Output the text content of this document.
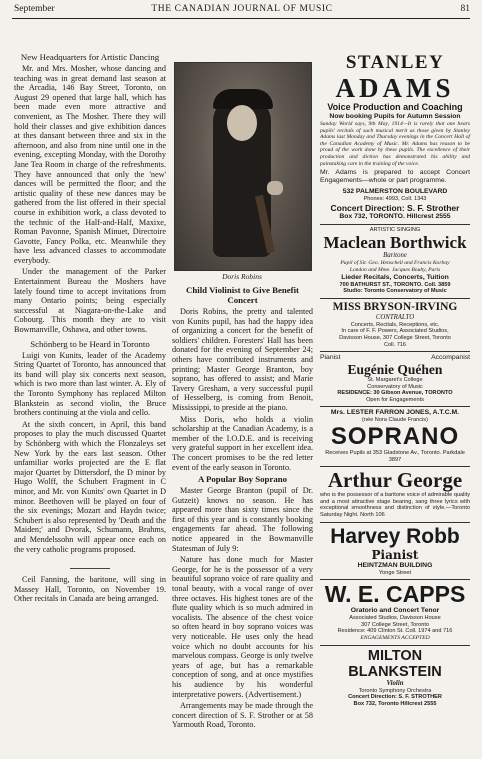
September	THE CANADIAN JOURNAL OF MUSIC	81
New Headquarters for Artistic Dancing

Mr. and Mrs. Mosher, whose dancing and teaching was in great demand last season at the Arcadia, 146 Bay Street, Toronto, on August 29 opened that large hall, which has been made even more attractive and convenient, as The Mosher. There they will hold their classes and give exhibition dances at thes dansant between three and six in the afternoon, and also from nine until one in the evening, excepting Monday, with the Dorothy Jane Tea Room in charge of the refreshments. They have announced that only the 'new' dances will be permitted the floor; and the artistic quality of these new dances may be gathered from the list offered in their special course in exhibition work, a class devoted to the technic of the Half-and-Half, Maxixe, Roman Pavonne, Spanish Minuet, Directoire Gavotte, Fancy Polka, etc. Meanwhile they have less advanced classes to accommodate everybody.

Under the management of the Parker Entertainment Bureau the Moshers have lately found time to accept invitations from many Ontario points; being especially successful at Niagara-on-the-Lake and Cobourg. This month they are to visit Bowmanville, Oshawa, and other towns.

Schönberg to be Heard in Toronto

Luigi von Kunits, leader of the Academy String Quartet of Toronto, has announced that its band will play six concerts next season, which is two more than last winter. A. Ely of the Toronto Symphony has replaced Milton Blankstein as second violin, the Bruce brothers continuing at the viola and cello.

At the sixth concert, in April, this band proposes to play the much discussed Quartet by Schönberg with which the Flonzaleys set New York by the ears last season. Other unfamiliar works projected are the E flat major Quartet by Dittersdorf, the D minor by Hugo Wolff, the Schubert Fragment in C minor, and Mr. von Kunits' own Quartet in D minor. Beethoven will be played on four of the six evenings; Mozart and Haydn twice; Schubert is also represented by 'Death and the Maiden;' and Dvorak, Schumann, Brahms, and Mendelssohn will appear once each on the very catholic programs proposed.

Ceil Fanning, the baritone, will sing in Massey Hall, Toronto, on November 19. Other recitals in Canada are being arranged.

Doris Robins
Child Violinist to Give Benefit Concert

Doris Robins, the pretty and talented von Kunits pupil, has had the happy idea of organizing a concert for the benefit of soldiers' children. Foresters' Hall has been donated for the evening of September 24; others have contributed instruments and printing; Master George Branton, boy soprano, has offered to assist; and Marie Tavery Gresham, a very successful pupil of Hesselberg, is coming from Benoit, Mississippi, to preside at the piano.

Miss Doris, who holds a violin scholarship at the Canadian Academy, is a member of the I.O.D.E. and is receiving very grateful support in her excellent idea. The concert promises to be the red letter event of the early season in Toronto.

A Popular Boy Soprano

Master George Branton (pupil of Dr. Gutzeit) knows no season. He has appeared more than sixty times since the first of this year and is constantly booking engagements far ahead. The following notice appeared in the Bowmanville Statesman of July 9:

Nature has done much for Master George, for he is the possessor of a very beautiful soprano voice of rare quality and tonal beauty, with a vocal range of over three octaves. His highest tones are of the flute quality which is so much admired in vocalists. The absence of the chest voice so often heard in boy soprano voices was very noticeable. He uses only the head voice which no doubt accounts for his marvelous compass. George is only twelve years of age, but has a remarkable conception of song, and at once mystifies his audience by his wonderful interpretative powers. (Advertisement.)

Arrangements may be made through the concert direction of S. F. Strother or at 58 Yarmouth Road, Toronto.

STANLEY
ADAMS
Voice Production and Coaching
Now booking Pupils for Autumn Session
Sunday World says, 9th May, 1914—It is rarely that one hears pupils' recitals of such musical merit as those given by Stanley Adams last Monday and Thursday evenings in the Concert Hall of the Canadian Academy of Music. Mr. Adams has reason to be proud of the work done by these pupils. The excellence of their production and diction has demonstrated his ability and painstaking care in the training of the voice.
Mr. Adams is prepared to accept Concert Engagements—whole or part programme.
532 PALMERSTON BOULEVARD
Phones: 4993, Coll. 1343
Concert Direction: S. F. Strother
Box 732, TORONTO. Hillcrest 2555
ARTISTIC SINGING
Maclean Borthwick
Baritone
Pupil of Sir. Geo. Henschell and Francis Korbay
London and Mme. Jacques Bouhy, Paris
Lieder Recitals, Concerts, Tuition
700 BATHURST ST., TORONTO. Coll. 3859
Studio: Toronto Conservatory of Music
MISS BRYSON-IRVING
CONTRALTO
Concerts, Recitals, Receptions, etc.
In care of F. F. Powers, Associated Studios,
Davisson House, 307 College Street, Toronto
Coll. 716
Pianist	Accompanist
Eugénie Quéhen
St. Margaret's College
Conservatory of Music
RESIDENCE: 30 Gibson Avenue, TORONTO
Open for Engagements
Mrs. LESTER FARRON JONES, A.T.C.M.
(née Nora Claude Francis)
SOPRANO
Receives Pupils at 353 Gladstone Av., Toronto. Parkdale 3897
Arthur George
who is the possessor of a baritone voice of admirable quality and a most attractive stage bearing, sang three lyrics with exceptional smoothness and distinction of style.—Toronto Saturday Night. North 106
Harvey Robb
Pianist
HEINTZMAN BUILDING
Yonge Street
W. E. CAPPS
Oratorio and Concert Tenor
Associated Studios, Davisson House
307 College Street, Toronto
Residence: 409 Clinton St. Coll. 1974 and 716
ENGAGEMENTS ACCEPTED
MILTON BLANKSTEIN
Violin
Toronto Symphony Orchestra
Concert Direction: S. F. STROTHER
Box 732, Toronto Hillcrest 2555
